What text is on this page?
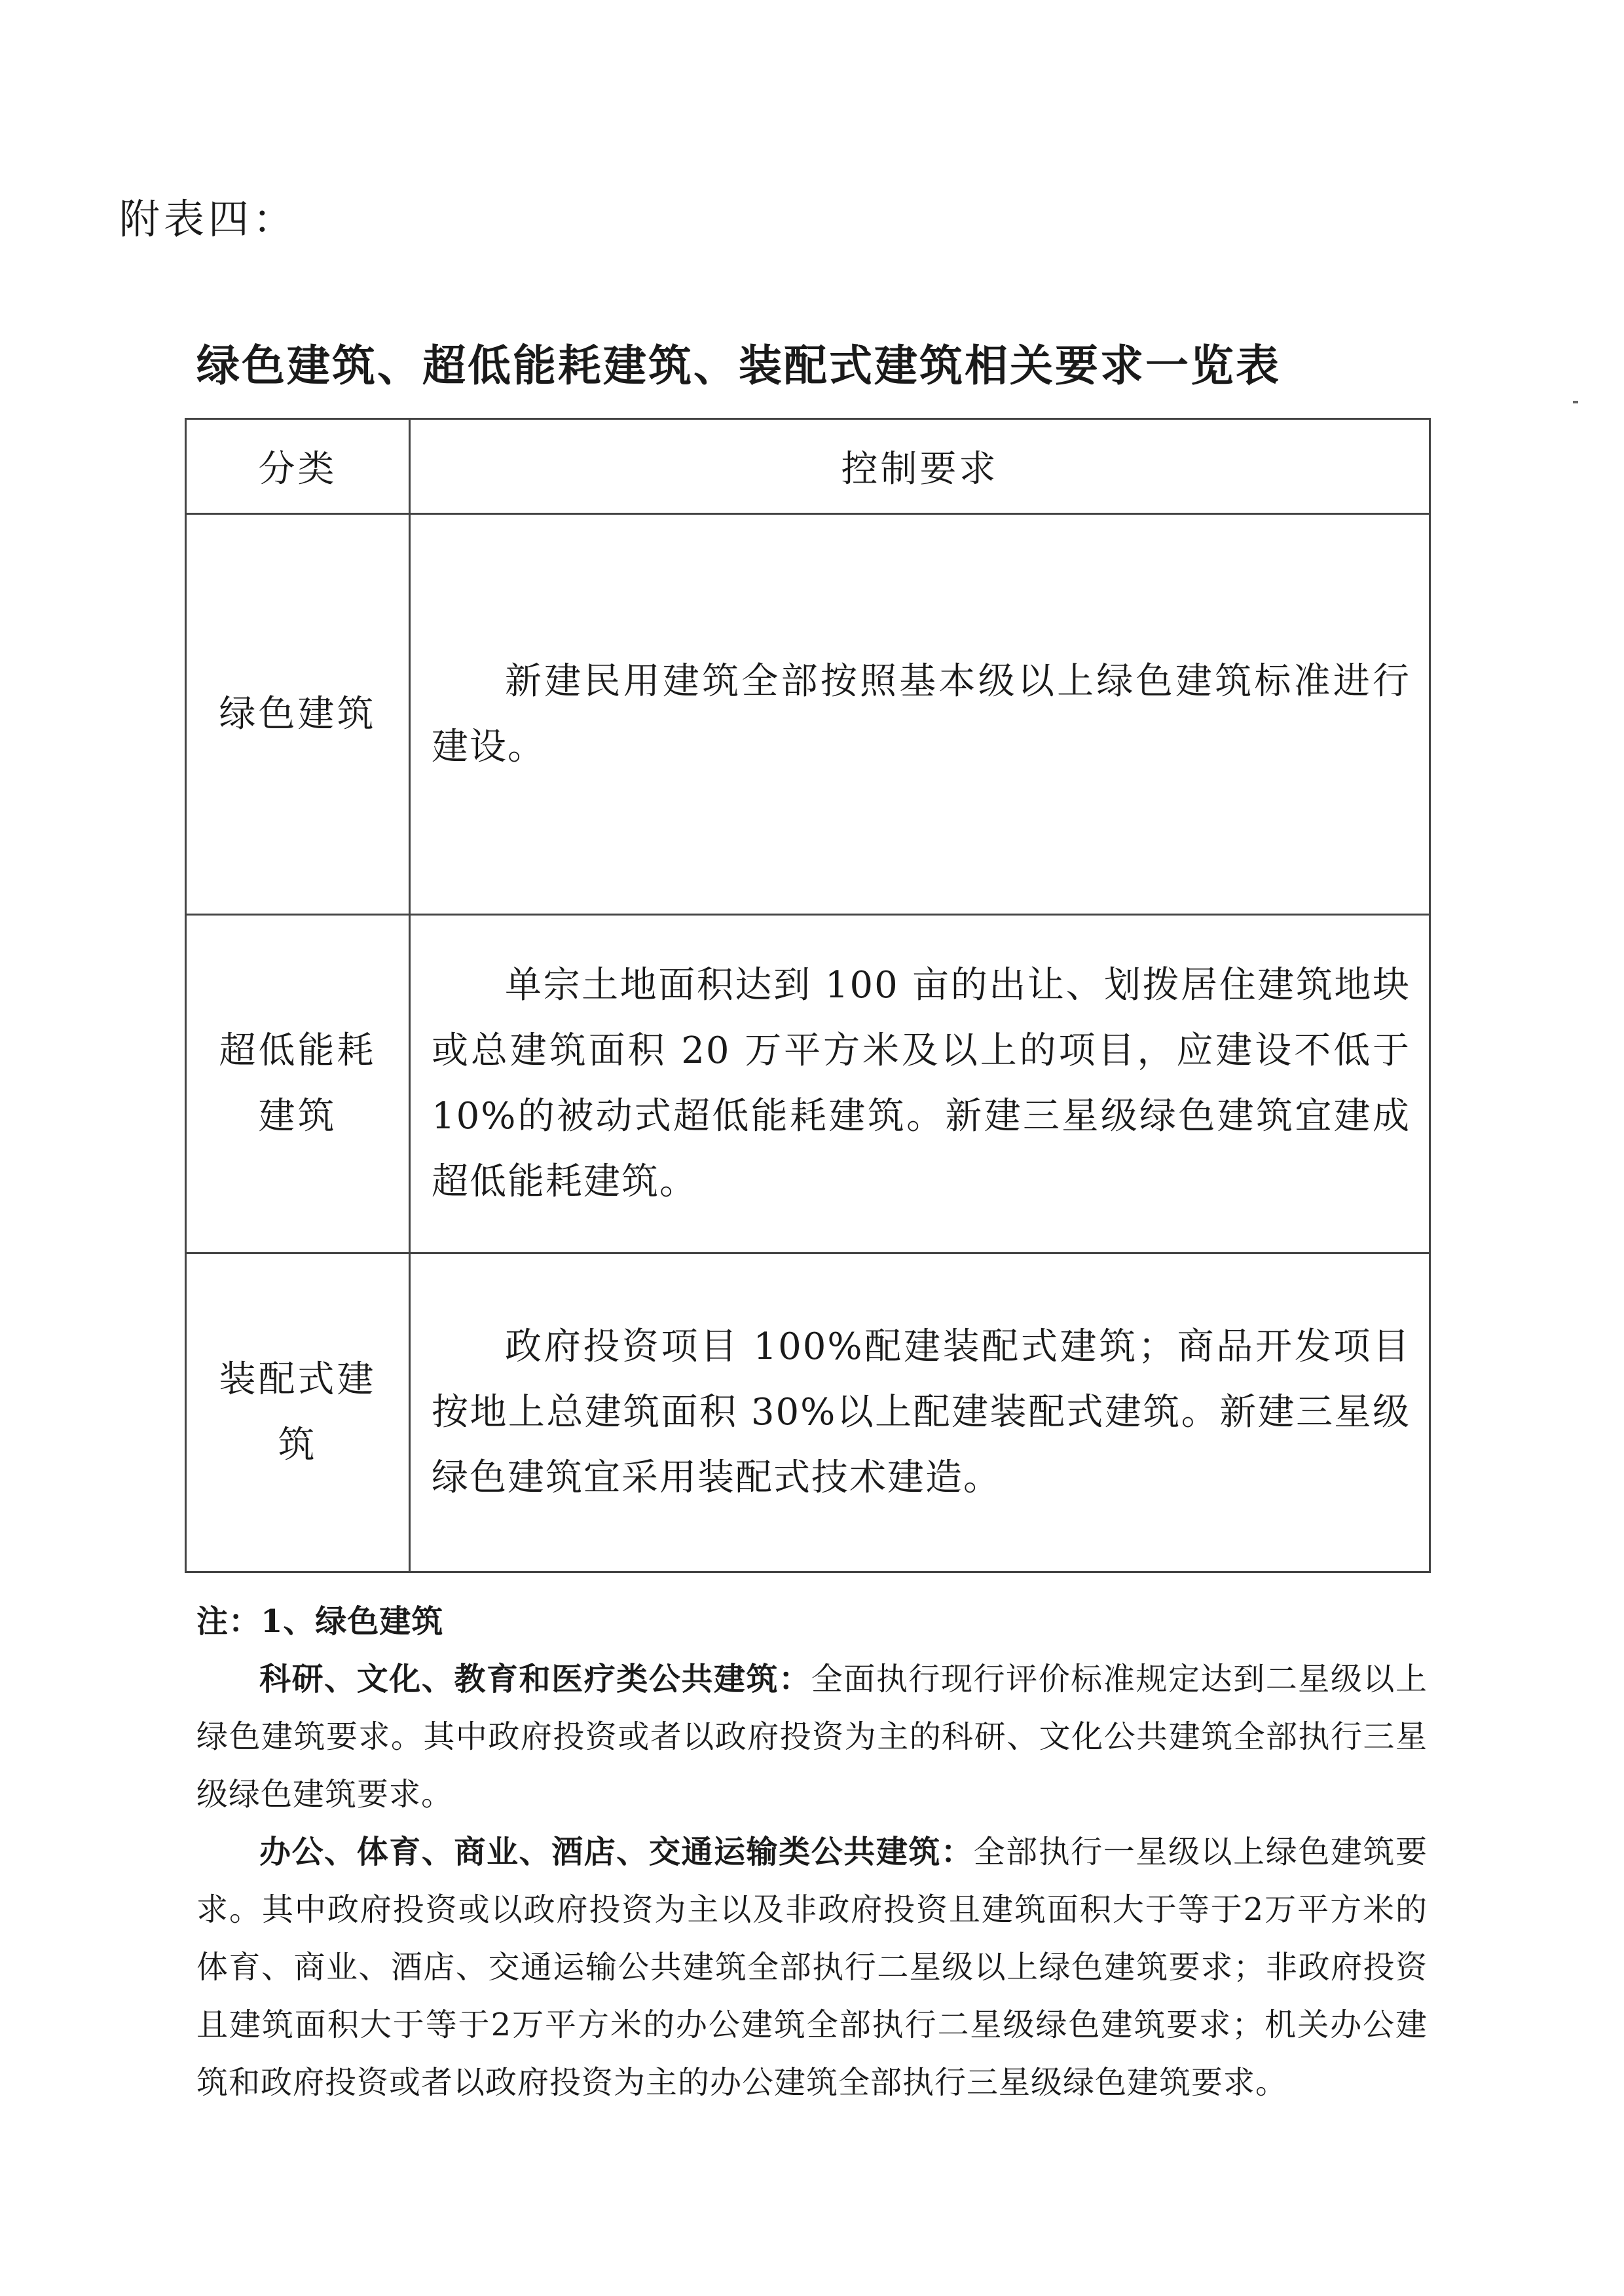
附表四：
绿色建筑、超低能耗建筑、装配式建筑相关要求一览表
分类	控制要求
绿色建筑	新建民用建筑全部按照基本级以上绿色建筑标准进行建设。
超低能耗建筑	单宗土地面积达到 100 亩的出让、划拨居住建筑地块或总建筑面积 20 万平方米及以上的项目，应建设不低于 10%的被动式超低能耗建筑。新建三星级绿色建筑宜建成超低能耗建筑。
装配式建筑	政府投资项目 100%配建装配式建筑；商品开发项目按地上总建筑面积 30%以上配建装配式建筑。新建三星级绿色建筑宜采用装配式技术建造。
注：1、绿色建筑

科研、文化、教育和医疗类公共建筑：全面执行现行评价标准规定达到二星级以上绿色建筑要求。其中政府投资或者以政府投资为主的科研、文化公共建筑全部执行三星级绿色建筑要求。

办公、体育、商业、酒店、交通运输类公共建筑：全部执行一星级以上绿色建筑要求。其中政府投资或以政府投资为主以及非政府投资且建筑面积大于等于2万平方米的体育、商业、酒店、交通运输公共建筑全部执行二星级以上绿色建筑要求；非政府投资且建筑面积大于等于2万平方米的办公建筑全部执行二星级绿色建筑要求；机关办公建筑和政府投资或者以政府投资为主的办公建筑全部执行三星级绿色建筑要求。
